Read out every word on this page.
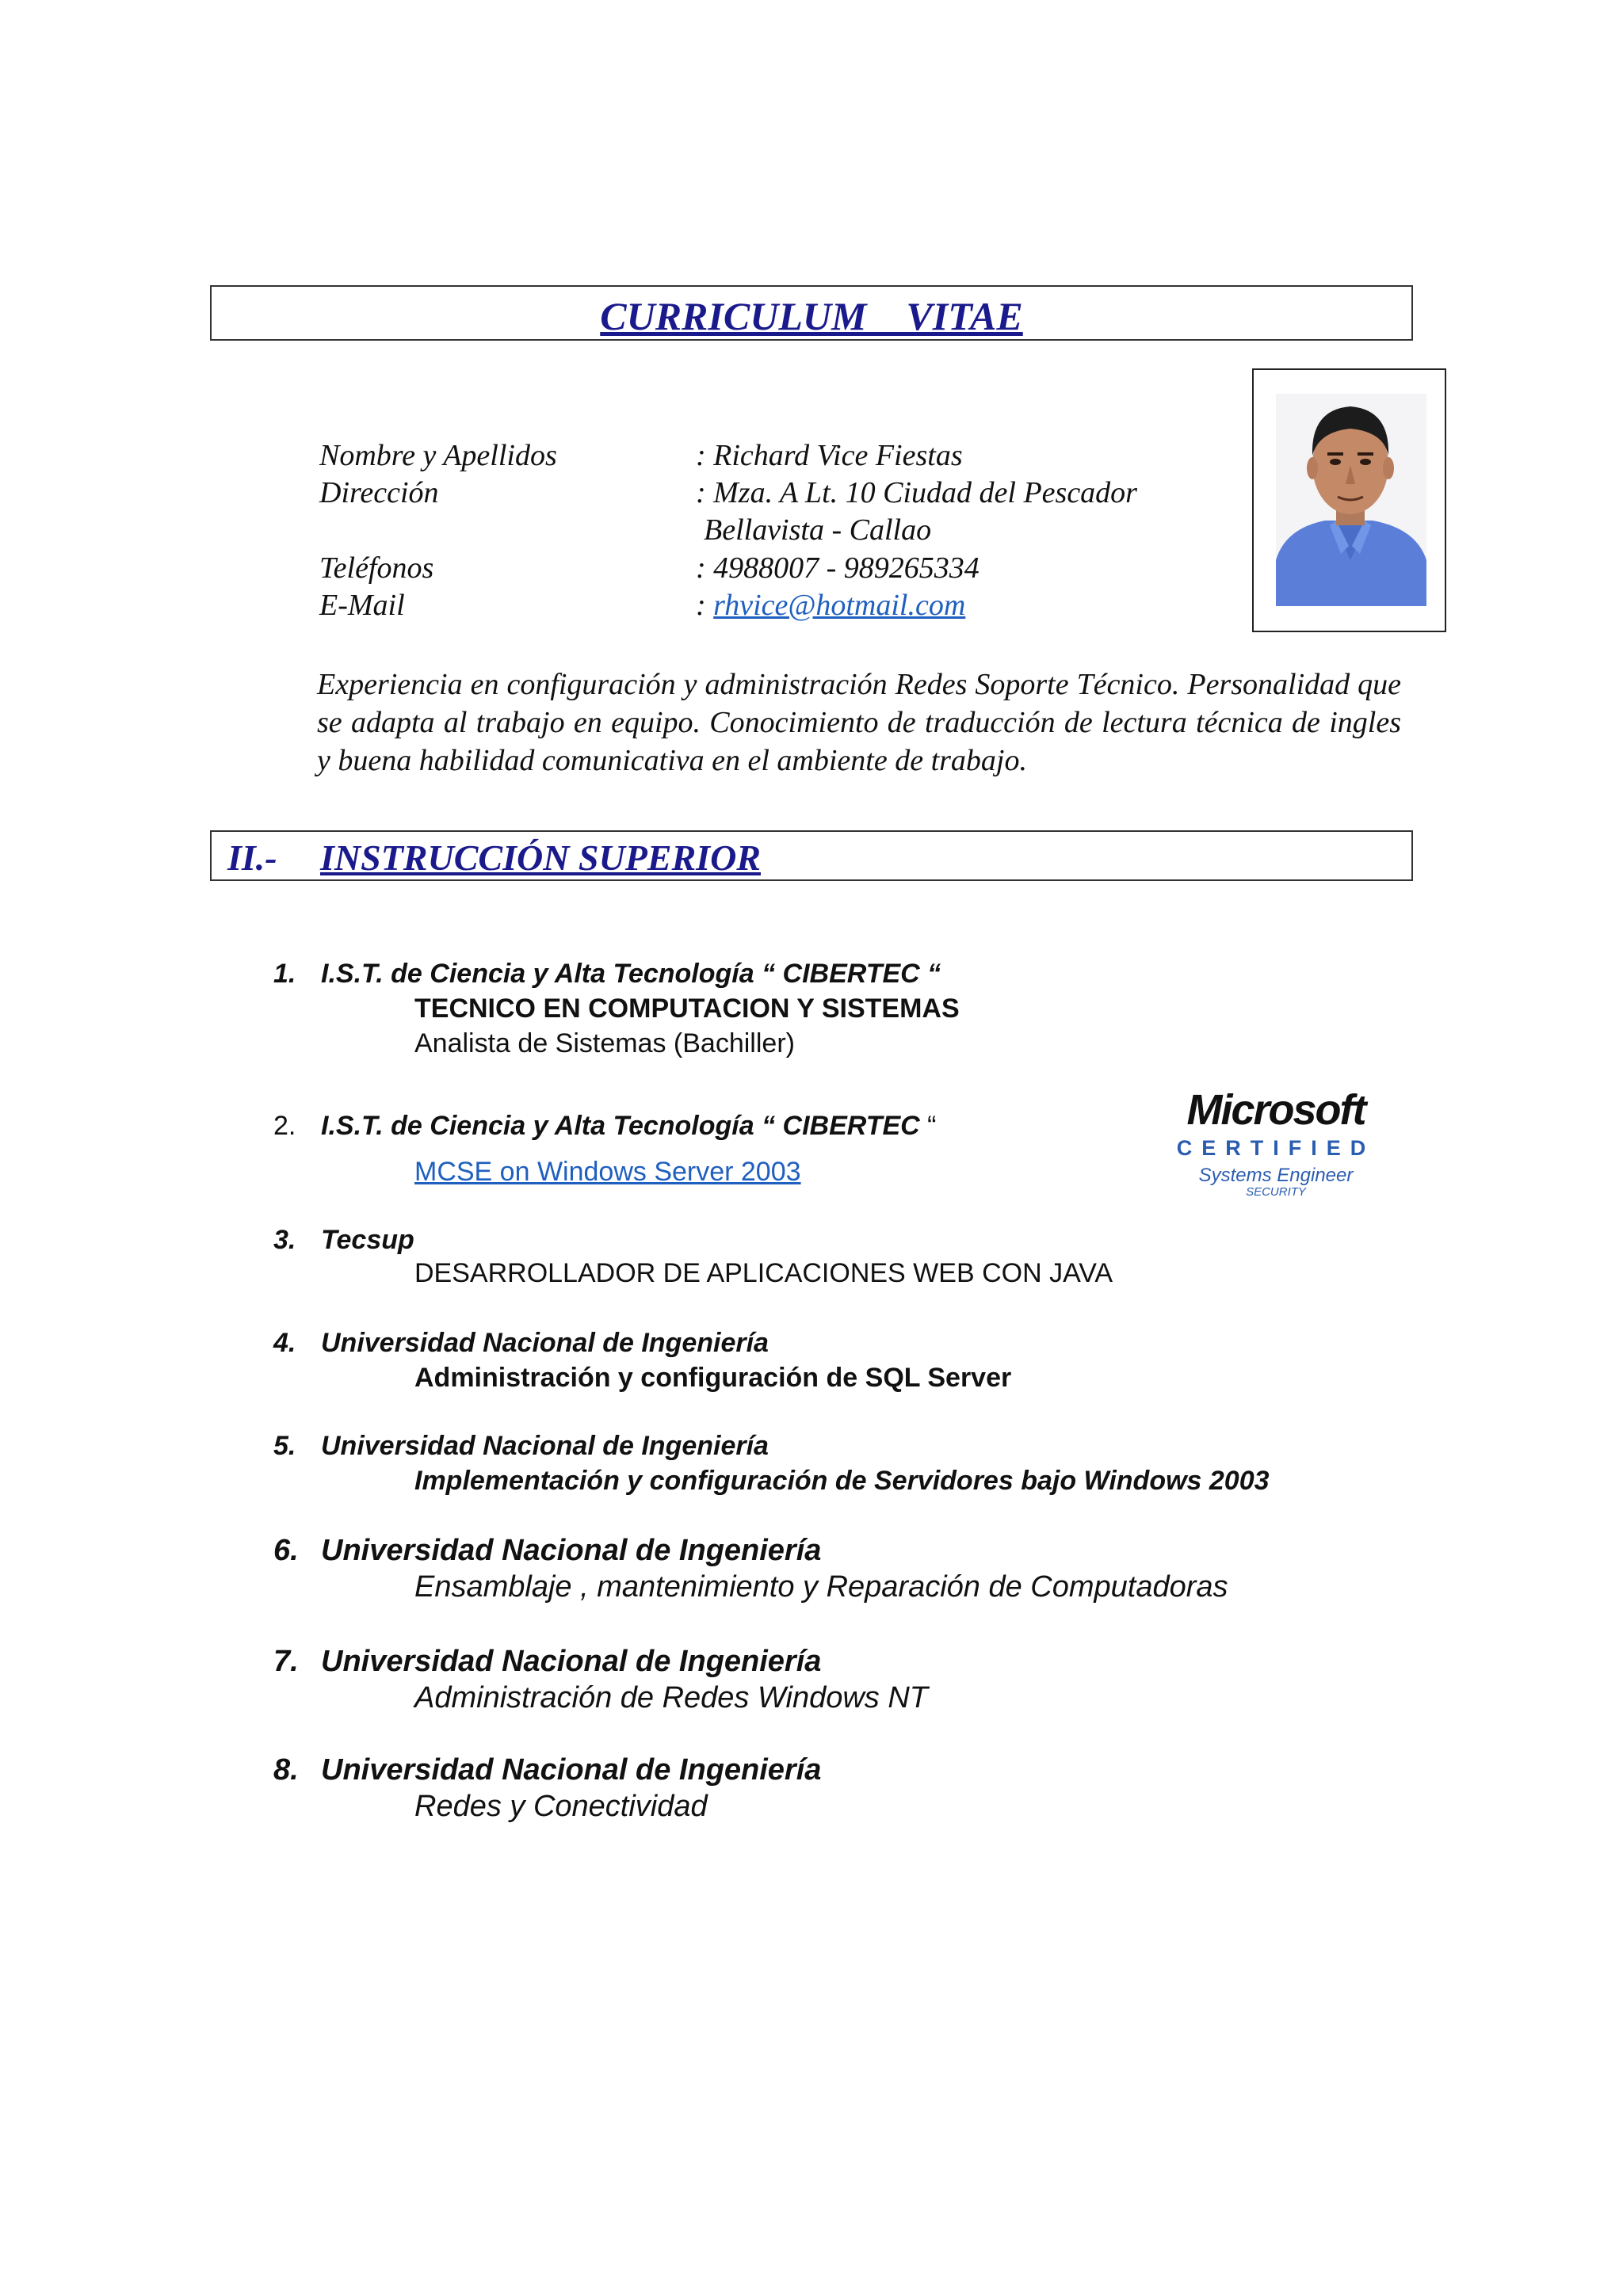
CURRICULUM    VITAE
Nombre y Apellidos	: Richard Vice Fiestas
Dirección	: Mza. A Lt. 10 Ciudad del Pescador
Bellavista - Callao
Teléfonos	: 4988007 - 989265334
E-Mail	: rhvice@hotmail.com
Experiencia en configuración y administración Redes Soporte Técnico. Personalidad que se adapta al trabajo en equipo. Conocimiento de traducción de lectura técnica de ingles y buena habilidad comunicativa en el ambiente de trabajo.
II.- INSTRUCCIÓN SUPERIOR
1. I.S.T. de Ciencia y Alta Tecnología “ CIBERTEC “
TECNICO EN COMPUTACION Y SISTEMAS
Analista de Sistemas (Bachiller)
2. I.S.T. de Ciencia y Alta Tecnología “ CIBERTEC “
MCSE on Windows Server 2003
Microsoft
CERTIFIED
Systems Engineer
SECURITY
3. Tecsup
DESARROLLADOR DE APLICACIONES WEB CON JAVA
4. Universidad Nacional de Ingeniería
Administración y configuración de SQL Server
5. Universidad Nacional de Ingeniería
Implementación y configuración de Servidores bajo Windows 2003
6. Universidad Nacional de Ingeniería
Ensamblaje , mantenimiento y Reparación de Computadoras
7. Universidad Nacional de Ingeniería
Administración de Redes Windows NT
8. Universidad Nacional de Ingeniería
Redes y Conectividad
